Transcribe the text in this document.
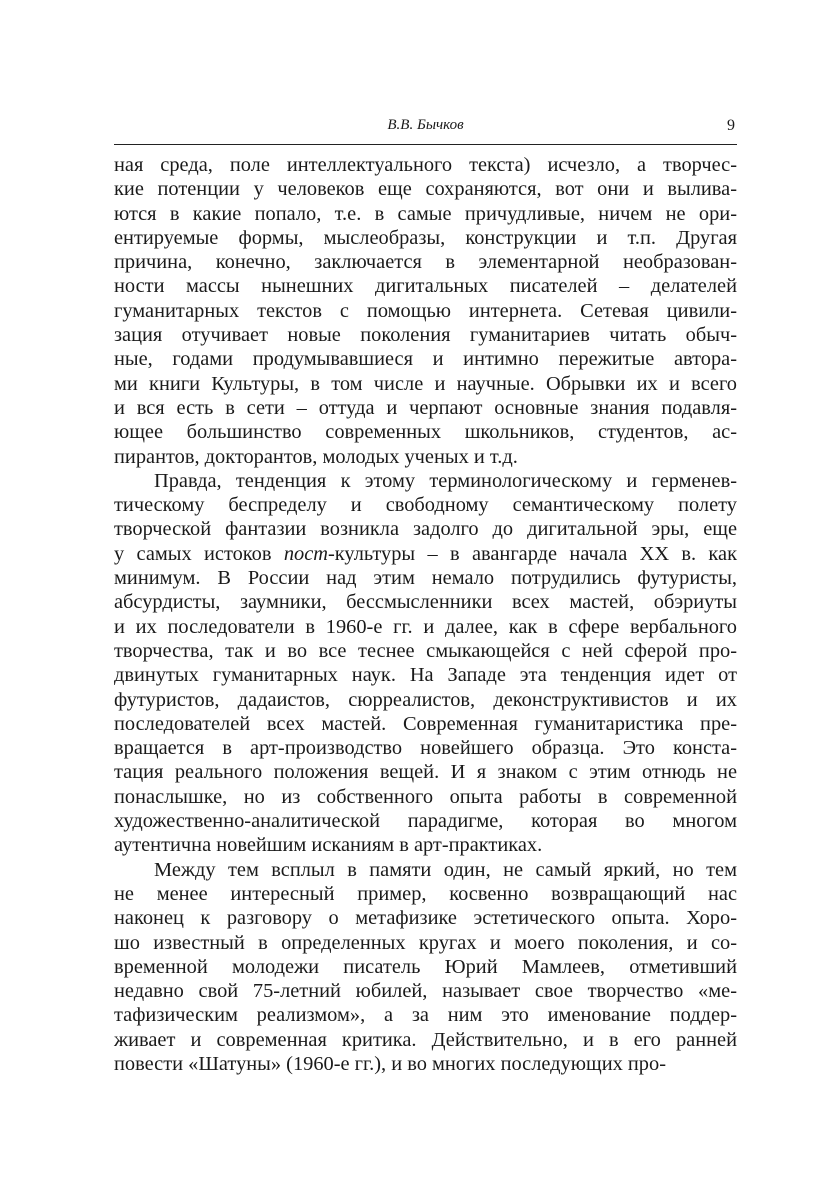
В.В. Бычков	9

ная среда, поле интеллектуального текста) исчезло, а творчес-
кие потенции у человеков еще сохраняются, вот они и вылива-
ются в какие попало, т.е. в самые причудливые, ничем не ори-
ентируемые формы, мыслеобразы, конструкции и т.п. Другая
причина, конечно, заключается в элементарной необразован-
ности массы нынешних дигитальных писателей – делателей
гуманитарных текстов с помощью интернета. Сетевая цивили-
зация отучивает новые поколения гуманитариев читать обыч-
ные, годами продумывавшиеся и интимно пережитые автора-
ми книги Культуры, в том числе и научные. Обрывки их и всего
и вся есть в сети – оттуда и черпают основные знания подавля-
ющее большинство современных школьников, студентов, ас-
пирантов, докторантов, молодых ученых и т.д.

Правда, тенденция к этому терминологическому и герменев-
тическому беспределу и свободному семантическому полету
творческой фантазии возникла задолго до дигитальной эры, еще
у самых истоков пост-культуры – в авангарде начала XX в. как
минимум. В России над этим немало потрудились футуристы,
абсурдисты, заумники, бессмысленники всех мастей, обэриуты
и их последователи в 1960-е гг. и далее, как в сфере вербального
творчества, так и во все теснее смыкающейся с ней сферой про-
двинутых гуманитарных наук. На Западе эта тенденция идет от
футуристов, дадаистов, сюрреалистов, деконструктивистов и их
последователей всех мастей. Современная гуманитаристика пре-
вращается в арт-производство новейшего образца. Это конста-
тация реального положения вещей. И я знаком с этим отнюдь не
понаслышке, но из собственного опыта работы в современной
художественно-аналитической парадигме, которая во многом
аутентична новейшим исканиям в арт-практиках.

Между тем всплыл в памяти один, не самый яркий, но тем
не менее интересный пример, косвенно возвращающий нас
наконец к разговору о метафизике эстетического опыта. Хоро-
шо известный в определенных кругах и моего поколения, и со-
временной молодежи писатель Юрий Мамлеев, отметивший
недавно свой 75-летний юбилей, называет свое творчество «ме-
тафизическим реализмом», а за ним это именование поддер-
живает и современная критика. Действительно, и в его ранней
повести «Шатуны» (1960-е гг.), и во многих последующих про-
